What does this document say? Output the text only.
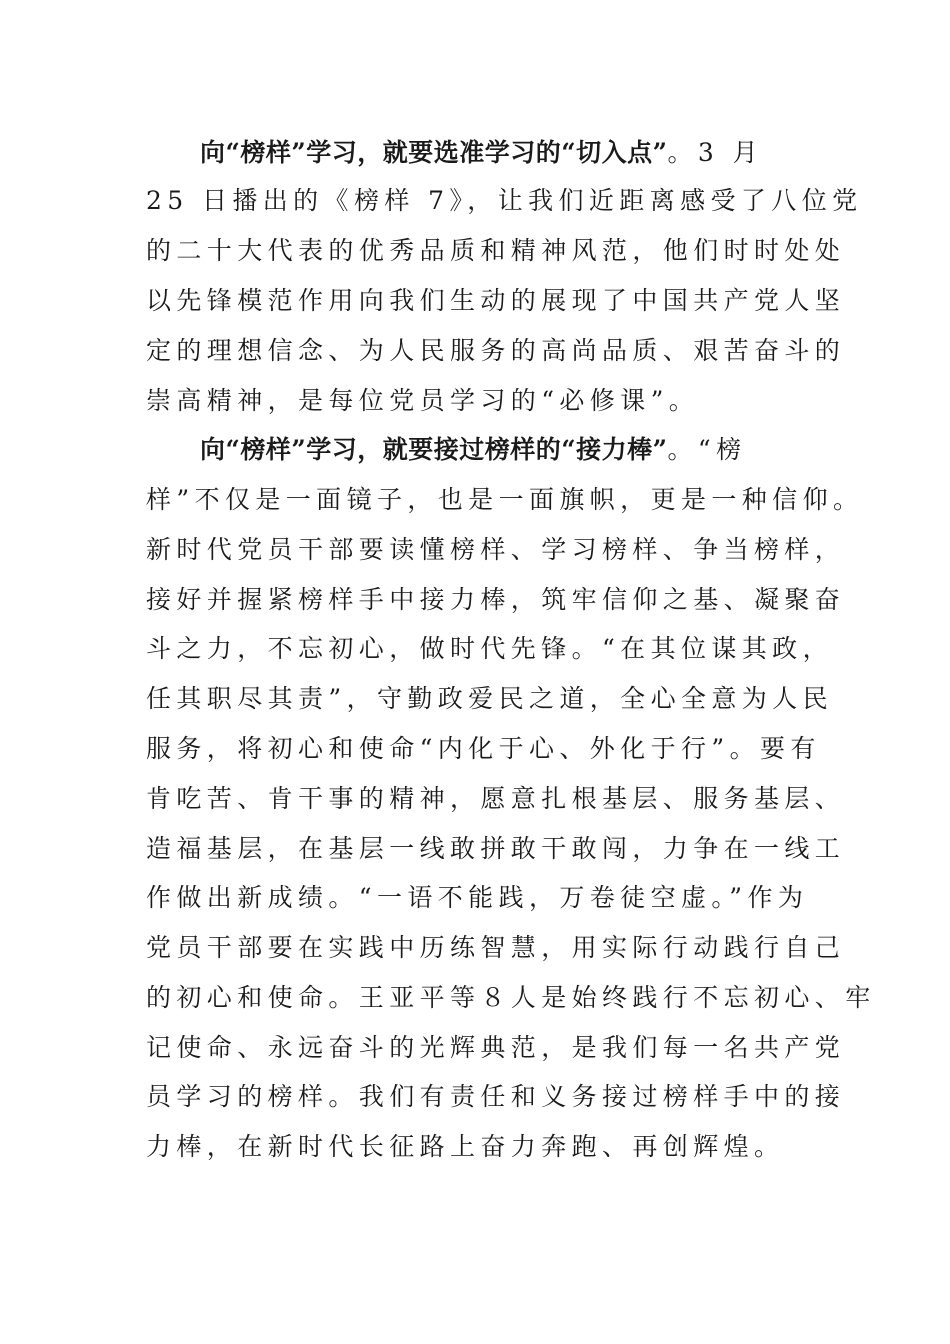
向“榜样”学习，就要选准学习的“切入点”。3 月
25 日播出的《榜样 7》，让我们近距离感受了八位党
的二十大代表的优秀品质和精神风范，他们时时处处
以先锋模范作用向我们生动的展现了中国共产党人坚
定的理想信念、为人民服务的高尚品质、艰苦奋斗的
崇高精神，是每位党员学习的“必修课”。
向“榜样”学习，就要接过榜样的“接力棒”。“榜
样”不仅是一面镜子，也是一面旗帜，更是一种信仰。
新时代党员干部要读懂榜样、学习榜样、争当榜样，
接好并握紧榜样手中接力棒，筑牢信仰之基、凝聚奋
斗之力，不忘初心，做时代先锋。“在其位谋其政，
任其职尽其责”，守勤政爱民之道，全心全意为人民
服务，将初心和使命“内化于心、外化于行”。要有
肯吃苦、肯干事的精神，愿意扎根基层、服务基层、
造福基层，在基层一线敢拼敢干敢闯，力争在一线工
作做出新成绩。“一语不能践，万卷徒空虚。”作为
党员干部要在实践中历练智慧，用实际行动践行自己
的初心和使命。王亚平等８人是始终践行不忘初心、牢
记使命、永远奋斗的光辉典范，是我们每一名共产党
员学习的榜样。我们有责任和义务接过榜样手中的接
力棒，在新时代长征路上奋力奔跑、再创辉煌。
